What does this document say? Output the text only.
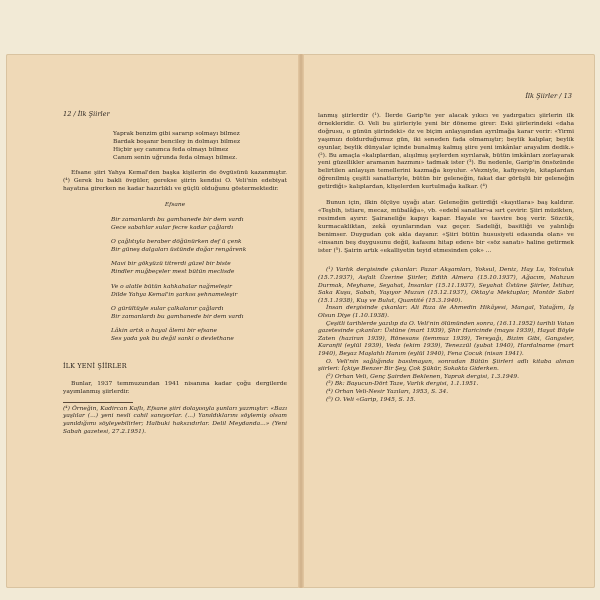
12 / İlk Şiirler

Yaprak benzim gibi sararıp solmayı bilmez

Bardak boşanır benciley in dolmayı bilmez

Hiçbir şey canımca feda olmayı bilmez

Canım senin uğrunda feda olmayı bilmez.

Efsane şiiri Yahya Kemal'den başka kişilerin de övgüsünü kazanmıştır. (⁴) Gerek bu bakli övgüler, gerekse şiirin kendisi O. Veli'nin edebiyat hayatına girerken ne kadar hazırlıklı ve güçlü olduğunu göstermektedir.

Efsane

Bir zamanlardı bu gamhanede bir dem vardı

Gece sabahlar sular fecre kadar çağlardı

O çağlıtıyla beraber döğünürken def ü çenk

Bir güneş dalgaları üstünde doğar rengârenk

Mavi bir gökyüzü titrerdi güzel bir biste

Rindler muğbeçeler mest bütün meclisde

Ve o alatle bütün kahkahalar nağmeleşir

Dilde Yahya Kemal'in şarkısı şehnameleşir

O gürültüyle sular çalkalanır çağlardı

Bir zamanlardı bu gamhanede bir dem vardı

Lâkin artık o hayal âlemi bir efsane

Ses yada yok bu değil sanki o devlethane

İLK YENİ ŞİİRLER

Bunlar, 1937 temmuzundan 1941 nisanına kadar çoğu dergilerde yayımlanmış şiirlerdir.

(⁴) Örneğin, Kadircan Kaflı, Efsane şiiri dolayısıyla şunları yazmıştır: «Bazı yaşlılar (...) yeni nesli cahil sanıyorlar. (...) Yanıldıklarını söylemiş olsam yanıldığımı söyleyebilirler; Halbuki hakszıdırlar. Delil Meydanda...» (Yeni Sabah gazetesi, 27.2.1951).

İlk Şiirler / 13

lanmış şiirlerdir (¹). İlerde Garip'te yer alacak yıkıcı ve yadırgatıcı şiirlerin ilk örnekleridir. O. Veli bu şiirleriyle yeni bir döneme girer: Eski şiirlerindeki «daha doğrusu, o günün şiirindeki» öz ve biçim anlayışından ayrılmağa karar verir: «Yirmi yaşımızı doldurduğumuz gün, iki seneden fada olmamıştır; beylik kalıplar, beylik oyunlar, beylik dünyalar içinde bunalmış kalmış şiire yeni imkânlar arayalım dedik.» (²). Bu amaçla «kalıplardan, alışılmış şeylerden sıyrılarak, bütün imkânları zorlayarak yeni güzellikler aramanın hazmını» tadmak ister (³). Bu nedenle, Garip'in önsözünde belirtilen anlayışın temellerini kazmağa koyulur. «Vezniyle, kafiyesiyle, kitaplardan öğrenilmiş çeşitli sanatlariyle, bütün bir geleneğin, fakat dar görüşlü bir geleneğin getirdiği» kalıplardan, klişelerden kurtulmağa kalkar. (⁴)

Bunun için, ilkin ölçüye uyağı atar. Geleneğin getirdiği «kayıtlara» baş kaldırır. «Teşbih, istiare, mecaz, mübalâğa», vb. «edebî sanatlar»a sırt çevirir. Şiiri müzikten, resimden ayırır. Şairaneliğe kapıyı kapar. Hayale ve tasvire boş verir. Sözcük, kurmacakliktan, zekâ oyunlarından vaz geçer. Sadeliği, basitliği ve yalınlığı benimser. Duygudan çok akla dayanır. «Şiiri bütün hususiyeti edasında olan» ve «insanın beş duygusunu değil, kafasını hitap eden» bir «söz sanatı» haline getirmek ister (⁵). Şairin artık «ekalliyetin teyid etmesinden çok» ...

(¹) Varlık dergisinde çıkanlar: Pazar Akşamları, Yoksul, Deniz, Hay Lu, Yolculuk (15.7.1937), Asfalt Üzerine Şiirler, Edith Almera (15.10.1937), Ağacım, Mahzun Durmak, Meyhane, Seyahat, İnsanlar (15.11.1937), Seyahat Üstüne Şiirler, İstihar, Saka Kuşu, Sabah, Yaşıyor Muzun (15.12.1937), Oktay'a Mektuplar, Montör Sabri (15.1.1938), Kuş ve Bulut, Quantité (15.3.1940).

İnsan dergisinde çıkanlar: Ali Rıza ile Ahmedin Hikâyesi, Mangal, Yatağım, İş Olsun Diye (1.10.1938).

Çeşitli tarihlerde yazılıp da O. Veli'nin ölümünden sonra, (16.11.1952) tarihli Vatan gazetesinde çıkanlar: Üstüne (mart 1939), Şhir Haricinde (mayıs 1939), Hayat Böyle Zaten (haziran 1939), Rönesans (temmuz 1939), Tereyağı, Bizim Gibi, Gangster, Karanfil (eylül 1939), Veda (ekim 1939), Tenezzül (şubat 1940), Hardalname (mart 1940), Beyaz Maşlahlı Hanım (eylül 1940), Fena Çocuk (nisan 1941).

O. Veli'nin sağlığında basılmayan, sonradan Bütün Şiirleri adlı kitaba alınan şiirleri: İçkiye Benzer Bir Şey, Çok Şükür, Sokakta Giderken.

(²) Orhan Veli, Genç Şairden Beklenen, Yaprak dergisi, 1.3.1949.

(³) Bk: Başucun-Dört Taze, Varlık dergisi, 1.1.1951.

(⁴) Orhan Veli-Nesir Yazıları, 1953, S. 34.

(⁵) O. Veli «Garip, 1945, S. 15.
